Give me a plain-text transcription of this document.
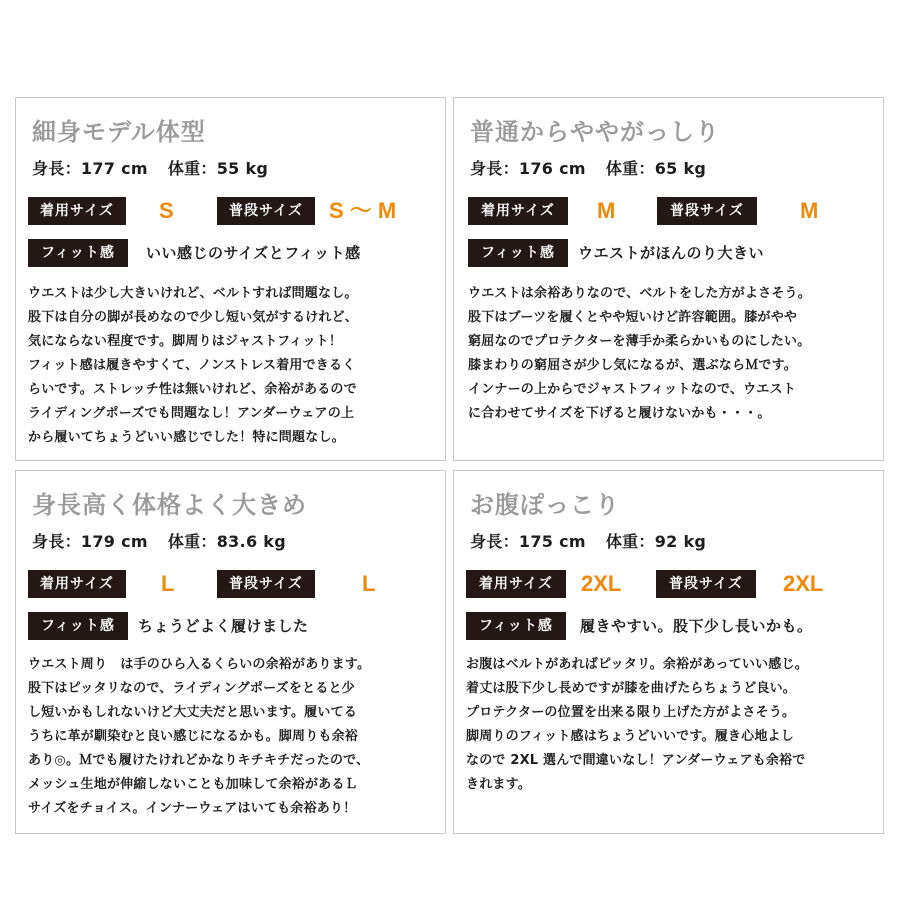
細身モデル体型
身長：177 cm 体重：55 kg
着用サイズ	S	普段サイズ	S 〜 M
フィット感	いい感じのサイズとフィット感
ウエストは少し大きいけれど、ベルトすれば問題なし。
股下は自分の脚が長めなので少し短い気がするけれど、
気にならない程度です。脚周りはジャストフィット！
フィット感は履きやすくて、ノンストレス着用できるく
らいです。ストレッチ性は無いけれど、余裕があるので
ライディングポーズでも問題なし！アンダーウェアの上
から履いてちょうどいい感じでした！特に問題なし。
普通からややがっしり
身長：176 cm 体重：65 kg
着用サイズ	M	普段サイズ	M
フィット感	ウエストがほんのり大きい
ウエストは余裕ありなので、ベルトをした方がよさそう。
股下はブーツを履くとやや短いけど許容範囲。膝がやや
窮屈なのでプロテクターを薄手か柔らかいものにしたい。
膝まわりの窮屈さが少し気になるが、選ぶならＭです。
インナーの上からでジャストフィットなので、ウエスト
に合わせてサイズを下げると履けないかも・・・。
身長高く体格よく大きめ
身長：179 cm 体重：83.6 kg
着用サイズ	L	普段サイズ	L
フィット感	ちょうどよく履けました
ウエスト周り　は手のひら入るくらいの余裕があります。
股下はピッタリなので、ライディングポーズをとると少
し短いかもしれないけど大丈夫だと思います。履いてる
うちに革が馴染むと良い感じになるかも。脚周りも余裕
あり◎。Ｍでも履けたけれどかなりキチキチだったので、
メッシュ生地が伸縮しないことも加味して余裕があるＬ
サイズをチョイス。インナーウェアはいても余裕あり！
お腹ぽっこり
身長：175 cm 体重：92 kg
着用サイズ	2XL	普段サイズ	2XL
フィット感	履きやすい。股下少し長いかも。
お腹はベルトがあればピッタリ。余裕があっていい感じ。
着丈は股下少し長めですが膝を曲げたらちょうど良い。
プロテクターの位置を出来る限り上げた方がよさそう。
脚周りのフィット感はちょうどいいです。履き心地よし
なので 2XL 選んで間違いなし！アンダーウェアも余裕で
きれます。
